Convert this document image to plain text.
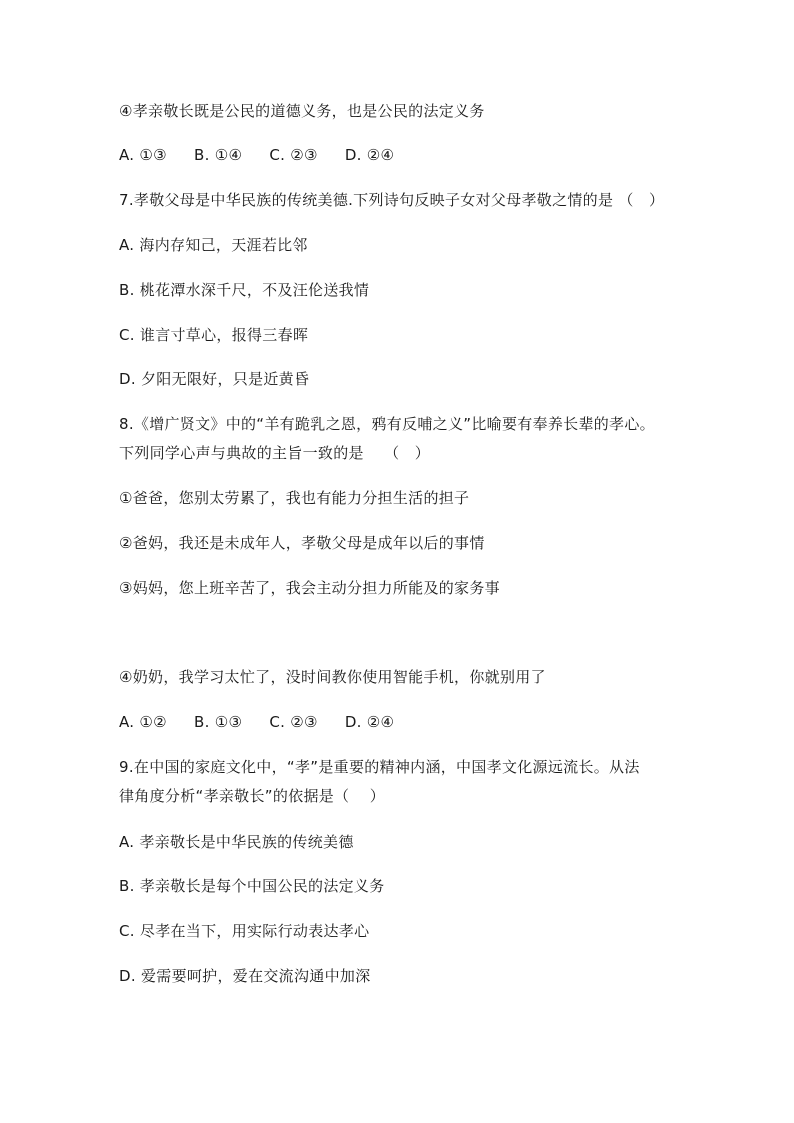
④孝亲敬长既是公民的道德义务，也是公民的法定义务
A. ①③ B. ①④ C. ②③ D. ②④
7.孝敬父母是中华民族的传统美德.下列诗句反映子女对父母孝敬之情的是 （　）
A. 海内存知己，天涯若比邻
B. 桃花潭水深千尺，不及汪伦送我情
C. 谁言寸草心，报得三春晖
D. 夕阳无限好，只是近黄昏
8.《增广贤文》中的“羊有跪乳之恩，鸦有反哺之义”比喻要有奉养长辈的孝心。
下列同学心声与典故的主旨一致的是　 （　）
①爸爸，您别太劳累了，我也有能力分担生活的担子
②爸妈，我还是未成年人，孝敬父母是成年以后的事情
③妈妈，您上班辛苦了，我会主动分担力所能及的家务事
④奶奶，我学习太忙了，没时间教你使用智能手机，你就别用了
A. ①② B. ①③ C. ②③ D. ②④
9.在中国的家庭文化中，“孝”是重要的精神内涵，中国孝文化源远流长。从法
律角度分析“孝亲敬长”的依据是（　 ）
A. 孝亲敬长是中华民族的传统美德
B. 孝亲敬长是每个中国公民的法定义务
C. 尽孝在当下，用实际行动表达孝心
D. 爱需要呵护，爱在交流沟通中加深
